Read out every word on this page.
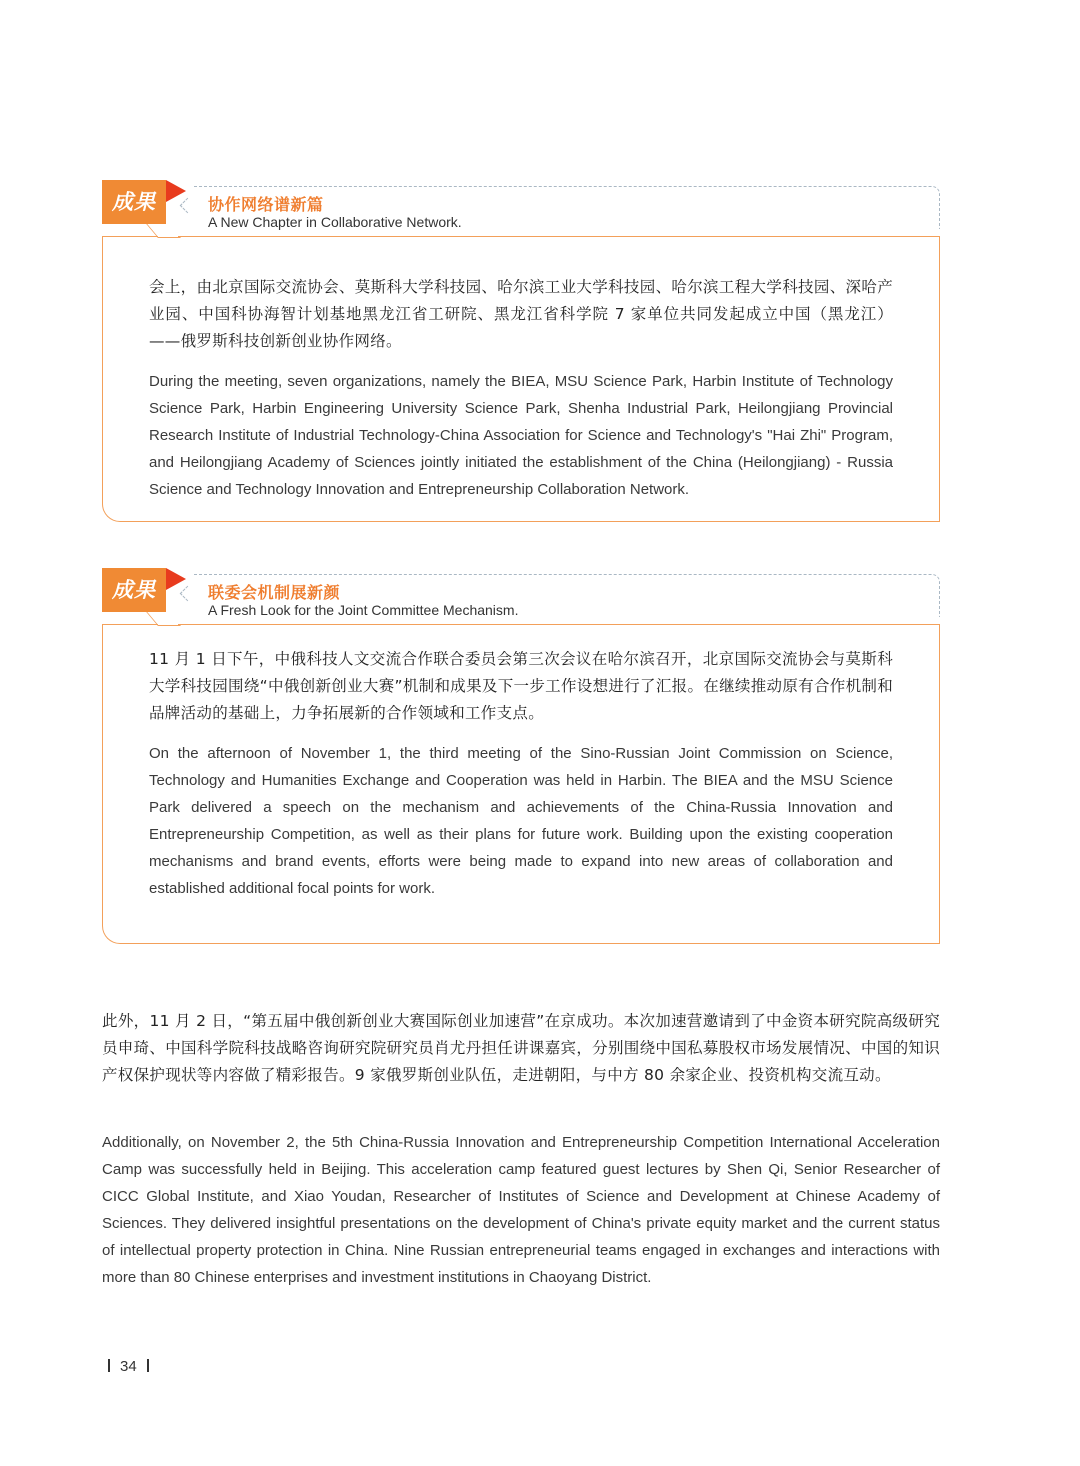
成果	协作网络谱新篇
A New Chapter in Collaborative Network.
会上，由北京国际交流协会、莫斯科大学科技园、哈尔滨工业大学科技园、哈尔滨工程大学科技园、深哈产业园、中国科协海智计划基地黑龙江省工研院、黑龙江省科学院 7 家单位共同发起成立中国（黑龙江）——俄罗斯科技创新创业协作网络。
During the meeting, seven organizations, namely the BIEA, MSU Science Park, Harbin Institute of Technology Science Park, Harbin Engineering University Science Park, Shenha Industrial Park, Heilongjiang Provincial Research Institute of Industrial Technology-China Association for Science and Technology's "Hai Zhi" Program, and Heilongjiang Academy of Sciences jointly initiated the establishment of the China (Heilongjiang) - Russia Science and Technology Innovation and Entrepreneurship Collaboration Network.
成果	联委会机制展新颜
A Fresh Look for the Joint Committee Mechanism.
11 月 1 日下午，中俄科技人文交流合作联合委员会第三次会议在哈尔滨召开，北京国际交流协会与莫斯科大学科技园围绕“中俄创新创业大赛”机制和成果及下一步工作设想进行了汇报。在继续推动原有合作机制和品牌活动的基础上，力争拓展新的合作领域和工作支点。
On the afternoon of November 1, the third meeting of the Sino-Russian Joint Commission on Science, Technology and Humanities Exchange and Cooperation was held in Harbin. The BIEA and the MSU Science Park delivered a speech on the mechanism and achievements of the China-Russia Innovation and Entrepreneurship Competition, as well as their plans for future work. Building upon the existing cooperation mechanisms and brand events, efforts were being made to expand into new areas of collaboration and established additional focal points for work.
此外，11 月 2 日，“第五届中俄创新创业大赛国际创业加速营”在京成功。本次加速营邀请到了中金资本研究院高级研究员申琦、中国科学院科技战略咨询研究院研究员肖尤丹担任讲课嘉宾，分别围绕中国私募股权市场发展情况、中国的知识产权保护现状等内容做了精彩报告。9 家俄罗斯创业队伍，走进朝阳，与中方 80 余家企业、投资机构交流互动。
Additionally, on November 2, the 5th China-Russia Innovation and Entrepreneurship Competition International Acceleration Camp was successfully held in Beijing. This acceleration camp featured guest lectures by Shen Qi, Senior Researcher of CICC Global Institute, and Xiao Youdan, Researcher of Institutes of Science and Development at Chinese Academy of Sciences. They delivered insightful presentations on the development of China's private equity market and the current status of intellectual property protection in China. Nine Russian entrepreneurial teams engaged in exchanges and interactions with more than 80 Chinese enterprises and investment institutions in Chaoyang District.
34
